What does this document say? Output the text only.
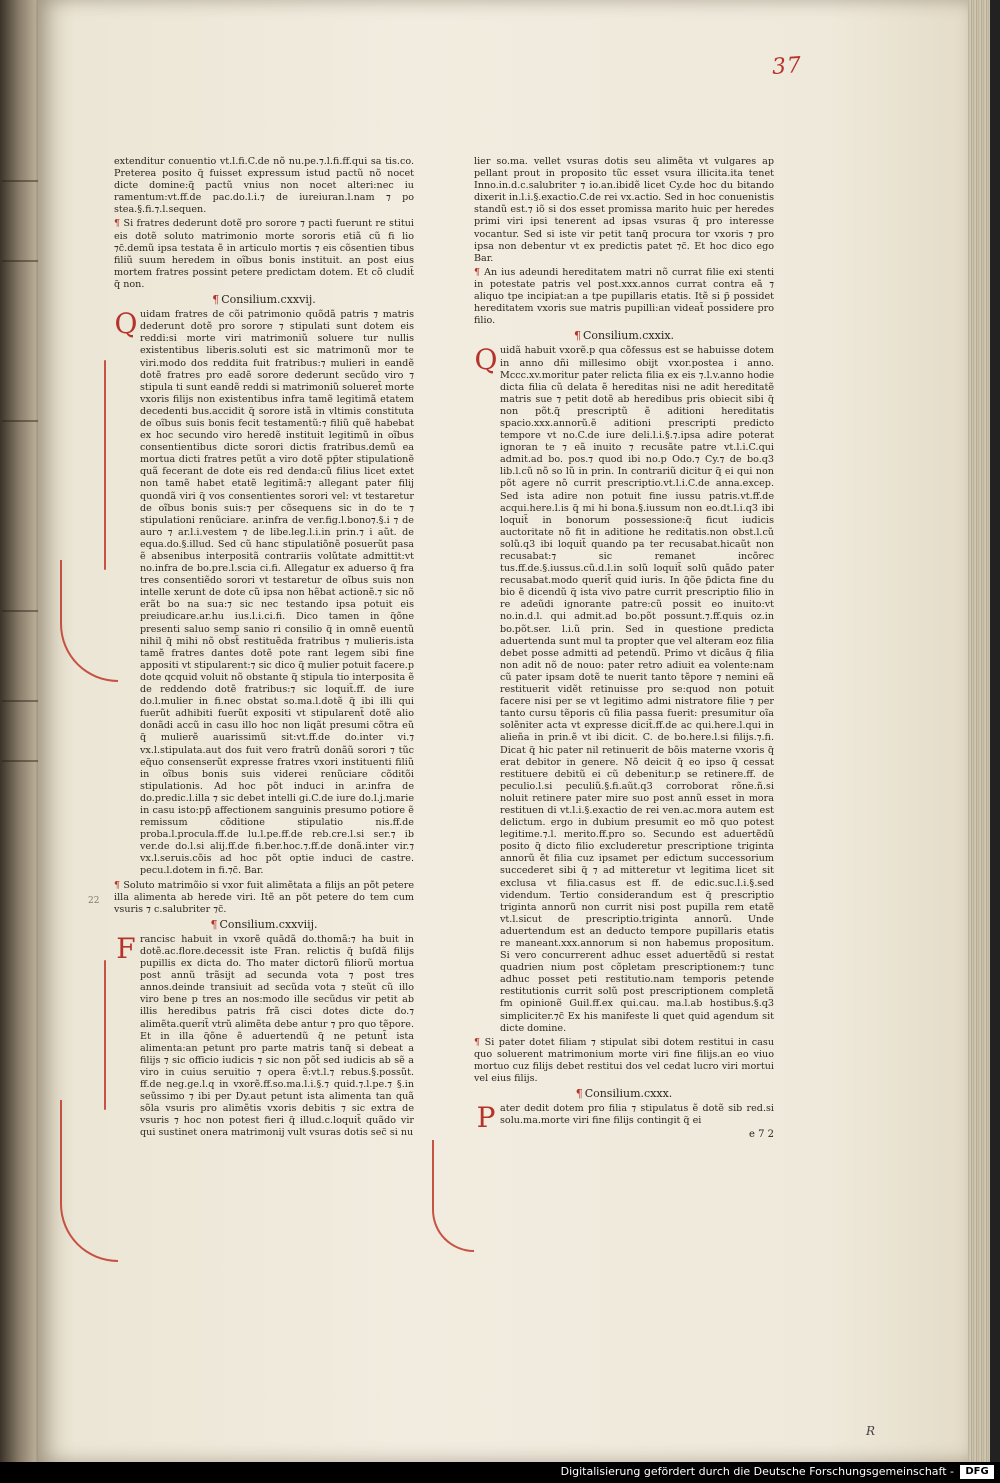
37
22
extenditur conuentio vt.l.fi.C.de nõ nu.pe.⁊.l.fi.ff.qui sa tis.co. Preterea posito q̃ fuisset expressum istud pactũ nõ nocet dicte domine:q̃ pactũ vnius non nocet alteri:nec iu ramentum:vt.ff.de pac.do.l.i.⁊ de iureiuran.l.nam ⁊ po stea.§.fi.⁊.l.sequen.
¶ Si fratres dederunt dotẽ pro sorore ⁊ pacti fuerunt re stitui eis dotẽ soluto matrimonio morte sororis etiã cũ fi lio ⁊c̃.demũ ipsa testata ẽ in articulo mortis ⁊ eis cõsentien tibus filiũ suum heredem in oĩbus bonis instituit. an post eius mortem fratres possint petere predictam dotem. Et cõ cludit̃ q̃ non.
¶ Consilium.cxxvij.
Q uidam fratres de cõi patrimonio quõdã patris ⁊ matris dederunt dotẽ pro sorore ⁊ stipulati sunt dotem eis reddi:si morte viri matrimoniũ soluere tur nullis existentibus liberis.soluti est sic matrimonũ mor te viri.modo dos reddita fuit fratribus:⁊ mulieri in eandẽ dotẽ fratres pro eadẽ sorore dederunt secũdo viro ⁊ stipula ti sunt eandẽ reddi si matrimoniũ solueret̃ morte vxoris filijs non existentibus infra tamẽ legitimã etatem decedenti bus.accidit q̃ sorore istã in vltimis constituta de oĩbus suis bonis fecit testamentũ:⁊ filiũ quẽ habebat ex hoc secundo viro heredẽ instituit legitimũ in oĩbus consentientibus dicte sorori dictis fratribus.demũ ea mortua dicti fratres petũt a viro dotẽ pp̃ter stipulationẽ quã fecerant de dote eis red denda:cũ filius licet extet non tamẽ habet etatẽ legitimã:⁊ allegant pater filij quondã viri q̃ vos consentientes sorori vel: vt testaretur de oĩbus bonis suis:⁊ per cõsequens sic in do te ⁊ stipulationi renũciare. ar.infra de ver.fig.l.bono⁊.§.i ⁊ de auro ⁊ ar.l.i.vestem ⁊ de libe.leg.l.i.in prin.⁊ i aũt. de equa.do.§.illud. Sed cũ hanc stipulatiõnẽ posuerũt pasa ẽ absenibus interpositã contrariis volũtate admittit:vt no.infra de bo.pre.l.scia ci.fi. Allegatur ex aduerso q̃ fra tres consentiẽdo sorori vt testaretur de oĩbus suis non intelle xerunt de dote cũ ipsa non hẽbat actionẽ.⁊ sic nõ erãt bo na sua:⁊ sic nec testando ipsa potuit eis preiudicare.ar.hu ius.l.i.ci.fi. Dico tamen in q̃õne presenti saluo semp sanio ri consilio q̃ in omnẽ euentũ nihil q̃ mihi nõ obst̃ restituẽda fratribus ⁊ mulieris.ista tamẽ fratres dantes dotẽ pote rant legem sibi fine appositi vt stipularent:⁊ sic dico q̃ mulier potuit facere.p dote qcquid voluit nõ obstante q̃ stipula tio interposita ẽ de reddendo dotẽ fratribus:⁊ sic loquit̃.ff. de iure do.l.mulier in fi.nec obstat so.ma.l.dotẽ q̃ ibi illi qui fuerũt adhibiti fuerũt expositi vt stipularent̃ dotẽ alio donãdi accũ in casu illo hoc non liqãt presumi cõtra eũ q̃ mulierẽ auarissimũ sit:vt.ff.de do.inter vi.⁊ vx.l.stipulata.aut dos fuit vero fratrũ donãũ sorori ⁊ tũc eq̃uo consenserũt expresse fratres vxori instituenti filiũ in oĩbus bonis suis viderei renũciare cõditõi stipulationis. Ad hoc põt induci in ar.infra de do.predic.l.illa ⁊ sic debet intelli gi.C.de iure do.l.j.marie in casu isto:pp̃ affectionem sanguinis presumo potiore ẽ remissum cõditione stipulatio nis.ff.de proba.l.procula.ff.de lu.l.pe.ff.de reb.cre.l.si ser.⁊ ib ver.de do.l.si alij.ff.de fi.ber.hoc.⁊.ff.de donã.inter vir.⁊ vx.l.seruis.cõis ad hoc põt optie induci de castre. pecu.l.dotem in fi.⁊c̃. Bar.
¶ Soluto matrimõio si vxor fuit alimẽtata a filijs an põt petere illa alimenta ab herede viri. Itẽ an põt petere do tem cum vsuris ⁊ c.salubriter ⁊c̃.
¶ Consilium.cxxviij.
F rancisc habuit in vxorẽ quãdã do.thomã:⁊ ha buit in dotẽ.ac.flore.decessit iste Fran. relictis q̃ buſdã filijs pupillis ex dicta do. Tho mater dictorũ filiorũ mortua post annũ trãsijt ad secunda vota ⁊ post tres annos.deinde transiuit ad secũda vota ⁊ steũt cũ illo viro bene p tres an nos:modo ille secũdus vir petit ab illis heredibus patris frã cisci dotes dicte do.⁊ alimẽta.querit̃ vtrũ alimẽta debe antur ⁊ pro quo tẽpore. Et in illa q̃õne ẽ aduertendũ q̃ ne petunt̃ ista alimenta:an petunt pro parte matris tanq̃ si debeat a filijs ⁊ sic officio iudicis ⁊ sic non põt̃ sed iudicis ab sẽ a viro in cuius seruitio ⁊ opera ẽ:vt.l.⁊ rebus.§.possũt. ff.de neg.ge.l.q in vxorẽ.ff.so.ma.l.i.§.⁊ quid.⁊.l.pe.⁊ §.in seũssimo ⁊ ibi per Dy.aut petunt ista alimenta tan quã sõla vsuris pro alimẽtis vxoris debitis ⁊ sic extra de vsuris ⁊ hoc non potest fieri q̃ illud.c.loquit̃ quãdo vir qui sustinet onera matrimonij vult vsuras dotis sec̃ si nu
lier so.ma. vellet vsuras dotis seu alimẽta vt vulgares ap pellant prout in proposito tũc esset vsura illicita.ita tenet Inno.in.d.c.salubriter ⁊ io.an.ibidẽ licet Cy.de hoc du bitando dixerit in.l.i.§.exactio.C.de rei vx.actio. Sed in hoc conuenistis standũ est.⁊ iõ si dos esset promissa marito huic per heredes primi viri ipsi tenerent ad ipsas vsuras q̃ pro interesse vocantur. Sed si iste vir petit tanq̃ procura tor vxoris ⁊ pro ipsa non debentur vt ex predictis patet ⁊c̃. Et hoc dico ego Bar.
¶ An ius adeundi hereditatem matri nõ currat filie exi stenti in potestate patris vel post.xxx.annos currat contra eã ⁊ aliquo tpe incipiat:an a tpe pupillaris etatis. Itẽ si p̃ possidet hereditatem vxoris sue matris pupilli:an videat̃ possidere pro filio.
¶ Consilium.cxxix.
Q uidã habuit vxorẽ.p qua cõfessus est se habuisse dotem in anno dñi millesimo obijt vxor.postea i anno. Mccc.xv.moritur pater relicta filia ex eis ⁊.l.v.anno hodie dicta filia cũ delata ẽ hereditas nisi ne adit hereditatẽ matris sue ⁊ petit dotẽ ab heredibus pris obiecit sibi q̃ non põt.q̃ prescriptũ ẽ aditioni hereditatis spacio.xxx.annorũ.ẽ aditioni prescripti predicto tempore vt no.C.de iure deli.l.i.§.⁊.ipsa adire poterat ignoran te ⁊ eã inuito ⁊ recusãte patre vt.l.i.C.qui admit.ad bo. pos.⁊ quod ibi no.p Odo.⁊ Cy.⁊ de bo.q3 lib.l.cũ nõ so lũ in prin. In contrariũ dicitur q̃ ei qui non põt agere nõ currit prescriptio.vt.l.i.C.de anna.excep. Sed ista adire non potuit fine iussu patris.vt.ff.de acqui.here.l.is q̃ mi hi bona.§.iussum non eo.dt.l.i.q3 ibi loquit̃ in bonorum possessione:q̃ ficut iudicis auctoritate nõ fit in aditione he reditatis.non obst.l.cũ solũ.q3 ibi loquit̃ quando pa ter recusabat.hicaũt non recusabat:⁊ sic remanet incõrec tus.ff.de.§.iussus.cũ.d.l.in solũ loquit̃ solũ quãdo pater recusabat.modo querit̃ quid iuris. In q̃õe p̃dicta fine du bio ẽ dicendũ q̃ ista vivo patre currit prescriptio filio in re adeũdi ignorante patre:cũ possit eo inuito:vt no.in.d.l. qui admit.ad bo.põt possunt.⁊.ff.quis oz.in bo.põt.ser. l.i.ũ prin. Sed in questione predicta aduertenda sunt mul ta propter que vel alteram eoz filia debet posse admitti ad petendũ. Primo vt dicãus q̃ filia non adit nõ de nouo: pater retro adiuit ea volente:nam cũ pater ipsam dotẽ te nuerit tanto tẽpore ⁊ nemini eã restituerit vidẽt retinuisse pro se:quod non potuit facere nisi per se vt legitimo admi nistratore filie ⁊ per tanto cursu tẽporis cũ filia passa fuerit: presumitur oĩa solẽniter acta vt expresse dicit̃.ff.de ac qui.here.l.qui in alieña in prin.ẽ vt ibi dicit. C. de bo.here.l.si filijs.⁊.fi. Dicat q̃ hic pater nil retinuerit de bõis materne vxoris q̃ erat debitor in genere. Nõ deicit q̃ eo ipso q̃ cessat restituere debitũ ei cũ debenitur.p se retinere.ff. de peculio.l.si peculiũ.§.fi.aũt.q3 corroborat rõne.ñ.si noluit retinere pater mire suo post annũ esset in mora restituen di vt.l.i.§.exactio de rei ven.ac.mora autem est delictum. ergo in dubium presumit eo mõ quo potest legitime.⁊.l. merito.ff.pro so. Secundo est aduertẽdũ posito q̃ dicto filio excluderetur prescriptione triginta annorũ ẽt filia cuz ipsamet per edictum successorium succederet sibi q̃ ⁊ ad mitteretur vt legitima licet sit exclusa vt filia.casus est ff. de edic.suc.l.i.§.sed videndum. Tertio considerandum est q̃ prescriptio triginta annorũ non currit nisi post pupilla rem etatẽ vt.l.sicut de prescriptio.triginta annorũ. Unde aduertendum est an deducto tempore pupillaris etatis re maneant.xxx.annorum si non habemus propositum. Si vero concurrerent adhuc esset aduertẽdũ si restat quadrien nium post cõpletam prescriptionem:⁊ tunc adhuc posset peti restitutio.nam temporis petende restitutionis currit solũ post prescriptionem completã fm opinionẽ Guil.ff.ex qui.cau. ma.l.ab hostibus.§.q3 simpliciter.⁊c̃ Ex his manifeste li quet quid agendum sit dicte domine.
¶ Si pater dotet filiam ⁊ stipulat sibi dotem restitui in casu quo soluerent matrimonium morte viri fine filijs.an eo viuo mortuo cuz filijs debet restitui dos vel cedat lucro viri mortui vel eius filijs.
¶ Consilium.cxxx.
P ater dedit dotem pro filia ⁊ stipulatus ẽ dotẽ sib red.si solu.ma.morte viri fine filijs contingit q̃ ei
e 7 2
R
Digitalisierung gefördert durch die Deutsche Forschungsgemeinschaft -	DFG
